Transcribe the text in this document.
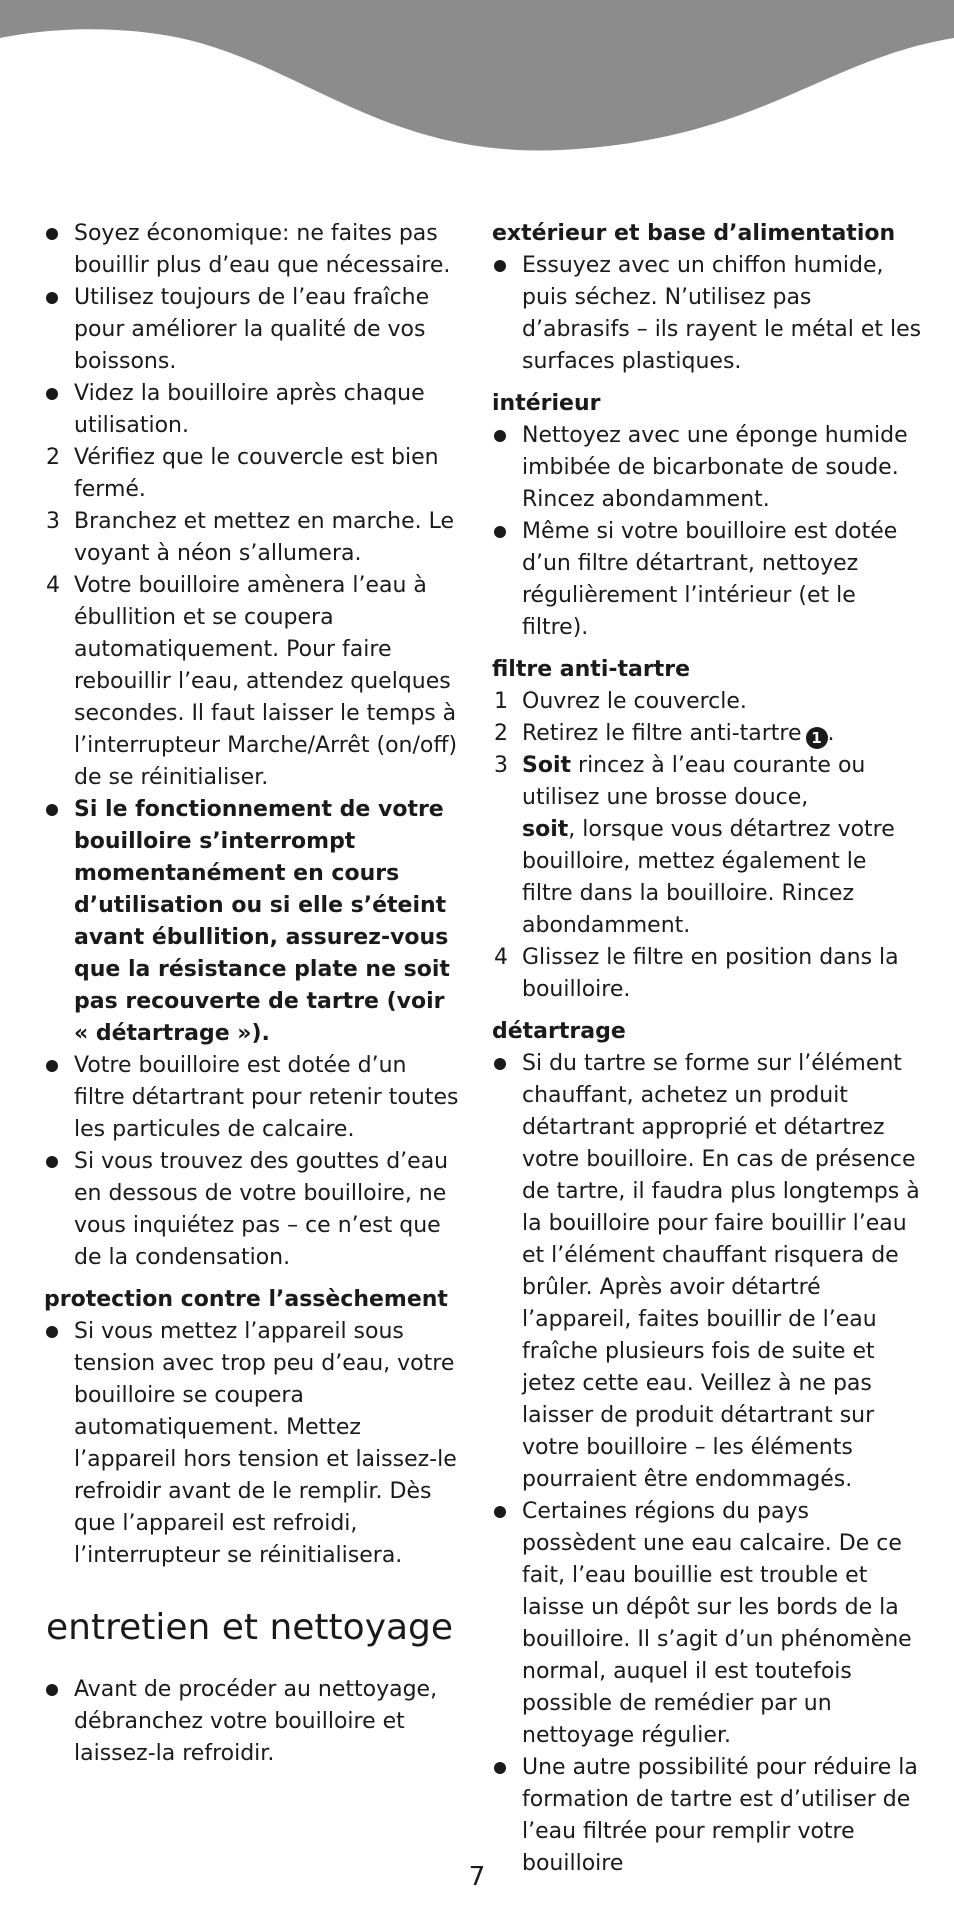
Soyez économique: ne faites pas bouillir plus d’eau que nécessaire.
Utilisez toujours de l’eau fraîche pour améliorer la qualité de vos boissons.
Videz la bouilloire après chaque utilisation.
2 Vérifiez que le couvercle est bien fermé.
3 Branchez et mettez en marche. Le voyant à néon s’allumera.
4 Votre bouilloire amènera l’eau à ébullition et se coupera automatiquement. Pour faire rebouillir l’eau, attendez quelques secondes. Il faut laisser le temps à l’interrupteur Marche/Arrêt (on/off) de se réinitialiser.
Si le fonctionnement de votre bouilloire s’interrompt momentanément en cours d’utilisation ou si elle s’éteint avant ébullition, assurez-vous que la résistance plate ne soit pas recouverte de tartre (voir « détartrage »).
Votre bouilloire est dotée d’un filtre détartrant pour retenir toutes les particules de calcaire.
Si vous trouvez des gouttes d’eau en dessous de votre bouilloire, ne vous inquiétez pas – ce n’est que de la condensation.
protection contre l’assèchement
Si vous mettez l’appareil sous tension avec trop peu d’eau, votre bouilloire se coupera automatiquement. Mettez l’appareil hors tension et laissez-le refroidir avant de le remplir. Dès que l’appareil est refroidi, l’interrupteur se réinitialisera.
entretien et nettoyage
Avant de procéder au nettoyage, débranchez votre bouilloire et laissez-la refroidir.
extérieur et base d’alimentation
Essuyez avec un chiffon humide, puis séchez. N’utilisez pas d’abrasifs – ils rayent le métal et les surfaces plastiques.
intérieur
Nettoyez avec une éponge humide imbibée de bicarbonate de soude. Rincez abondamment.
Même si votre bouilloire est dotée d’un filtre détartrant, nettoyez régulièrement l’intérieur (et le filtre).
filtre anti-tartre
1 Ouvrez le couvercle.
2 Retirez le filtre anti-tartre 1 .
3 Soit rincez à l’eau courante ou utilisez une brosse douce,
soit, lorsque vous détartrez votre bouilloire, mettez également le filtre dans la bouilloire. Rincez abondamment.
4 Glissez le filtre en position dans la bouilloire.
détartrage
Si du tartre se forme sur l’élément chauffant, achetez un produit détartrant approprié et détartrez votre bouilloire. En cas de présence de tartre, il faudra plus longtemps à la bouilloire pour faire bouillir l’eau et l’élément chauffant risquera de brûler. Après avoir détartré l’appareil, faites bouillir de l’eau fraîche plusieurs fois de suite et jetez cette eau. Veillez à ne pas laisser de produit détartrant sur votre bouilloire – les éléments pourraient être endommagés.
Certaines régions du pays possèdent une eau calcaire. De ce fait, l’eau bouillie est trouble et laisse un dépôt sur les bords de la bouilloire. Il s’agit d’un phénomène normal, auquel il est toutefois possible de remédier par un nettoyage régulier.
Une autre possibilité pour réduire la formation de tartre est d’utiliser de l’eau filtrée pour remplir votre bouilloire
7
